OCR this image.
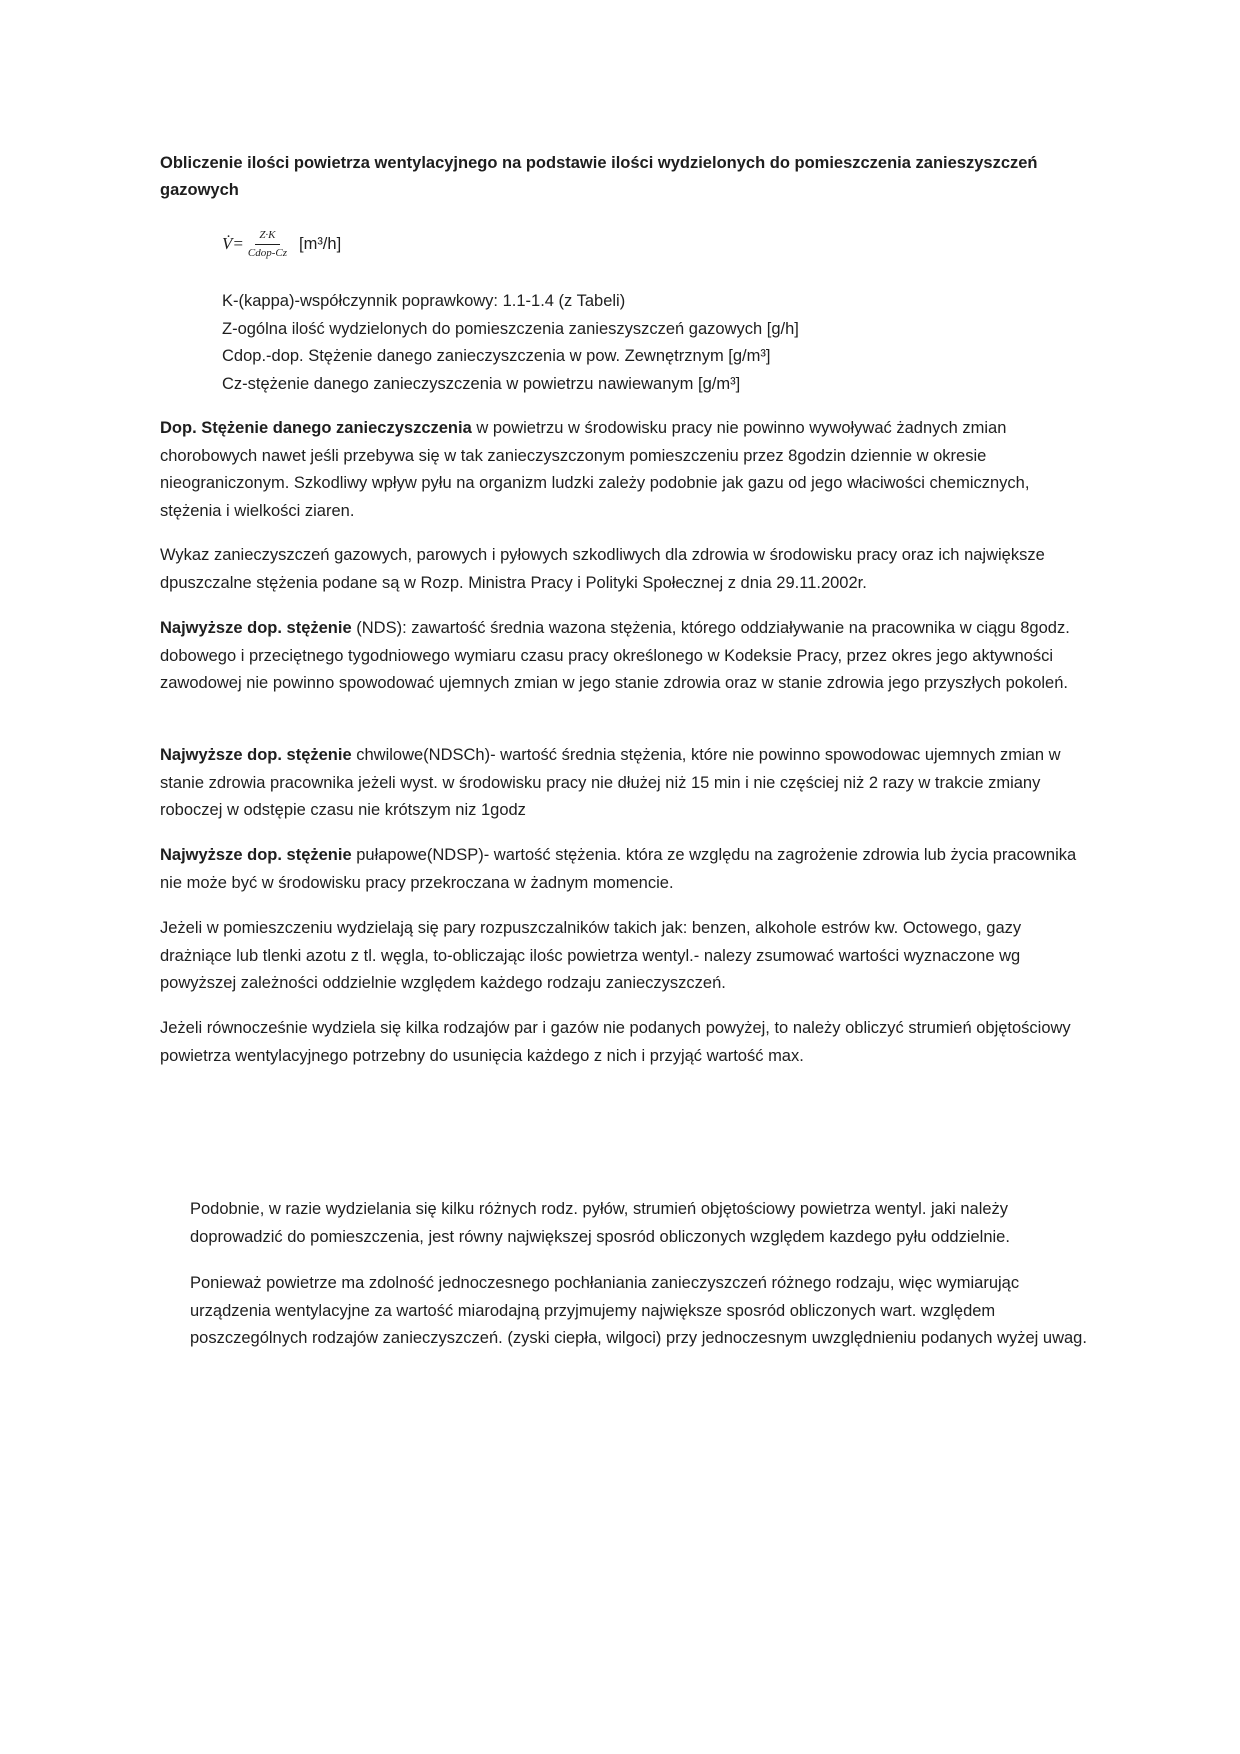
Obliczenie ilości powietrza wentylacyjnego na podstawie ilości wydzielonych do pomieszczenia zanieszyszczeń gazowych

V̇= $\frac{Z\cdot K}{\text{Cdop-Cz}} [m^3/h]$
K-(kappa)-współczynnik poprawkowy: 1.1-1.4 (z Tabeli)
Z-ogólna ilość wydzielonych do pomieszczenia zanieszyszczeń gazowych [g/h]
Cdop.-dop. Stężenie danego zanieczyszczenia w pow. Zewnętrznym [g/m³]
Cz-stężenie danego zanieczyszczenia w powietrzu nawiewanym [g/m³]

Dop. Stężenie danego zanieczyszczenia w powietrzu w środowisku pracy nie powinno wywoływać żadnych zmian chorobowych nawet jeśli przebywa się w tak zanieczyszczonym pomieszczeniu przez 8godzin dziennie w okresie nieograniczonym. Szkodliwy wpływ pyłu na organizm ludzki zależy podobnie jak gazu od jego właciwości chemicznych, stężenia i wielkości ziaren.

Wykaz zanieczyszczeń gazowych, parowych i pyłowych szkodliwych dla zdrowia w środowisku pracy oraz ich największe dpuszczalne stężenia podane są w Rozp. Ministra Pracy i Polityki Społecznej z dnia 29.11.2002r.

Najwyższe dop. stężenie (NDS): zawartość średnia wazona stężenia, którego oddziaływanie na pracownika w ciągu 8godz. dobowego i przeciętnego tygodniowego wymiaru czasu pracy określonego w Kodeksie Pracy, przez okres jego aktywności zawodowej nie powinno spowodować ujemnych zmian w jego stanie zdrowia oraz w stanie zdrowia jego przyszłych pokoleń.

Najwyższe dop. stężenie chwilowe(NDSCh)- wartość średnia stężenia, które nie powinno spowodowac ujemnych zmian w stanie zdrowia pracownika jeżeli wyst. w środowisku pracy nie dłużej niż 15 min i nie częściej niż 2 razy w trakcie zmiany roboczej w odstępie czasu nie krótszym niz 1godz

Najwyższe dop. stężenie pułapowe(NDSP)- wartość stężenia. która ze względu na zagrożenie zdrowia lub życia pracownika nie może być w środowisku pracy przekroczana w żadnym momencie.

Jeżeli w pomieszczeniu wydzielają się pary rozpuszczalników takich jak: benzen, alkohole estrów kw. Octowego, gazy drażniące lub tlenki azotu z tl. węgla, to-obliczając ilośc powietrza wentyl.- nalezy zsumować wartości wyznaczone wg powyższej zależności oddzielnie względem każdego rodzaju zanieczyszczeń.

Jeżeli równocześnie wydziela się kilka rodzajów par i gazów nie podanych powyżej, to należy obliczyć strumień objętościowy powietrza wentylacyjnego potrzebny do usunięcia każdego z nich i przyjąć wartość max.

Podobnie, w razie wydzielania się kilku różnych rodz. pyłów, strumień objętościowy powietrza wentyl. jaki należy doprowadzić do pomieszczenia, jest równy największej sposród obliczonych względem kazdego pyłu oddzielnie.

Ponieważ powietrze ma zdolność jednoczesnego pochłaniania zanieczyszczeń różnego rodzaju, więc wymiarując urządzenia wentylacyjne za wartość miarodajną przyjmujemy największe sposród obliczonych wart. względem poszczególnych rodzajów zanieczyszczeń. (zyski ciepła, wilgoci) przy jednoczesnym uwzględnieniu podanych wyżej uwag.
